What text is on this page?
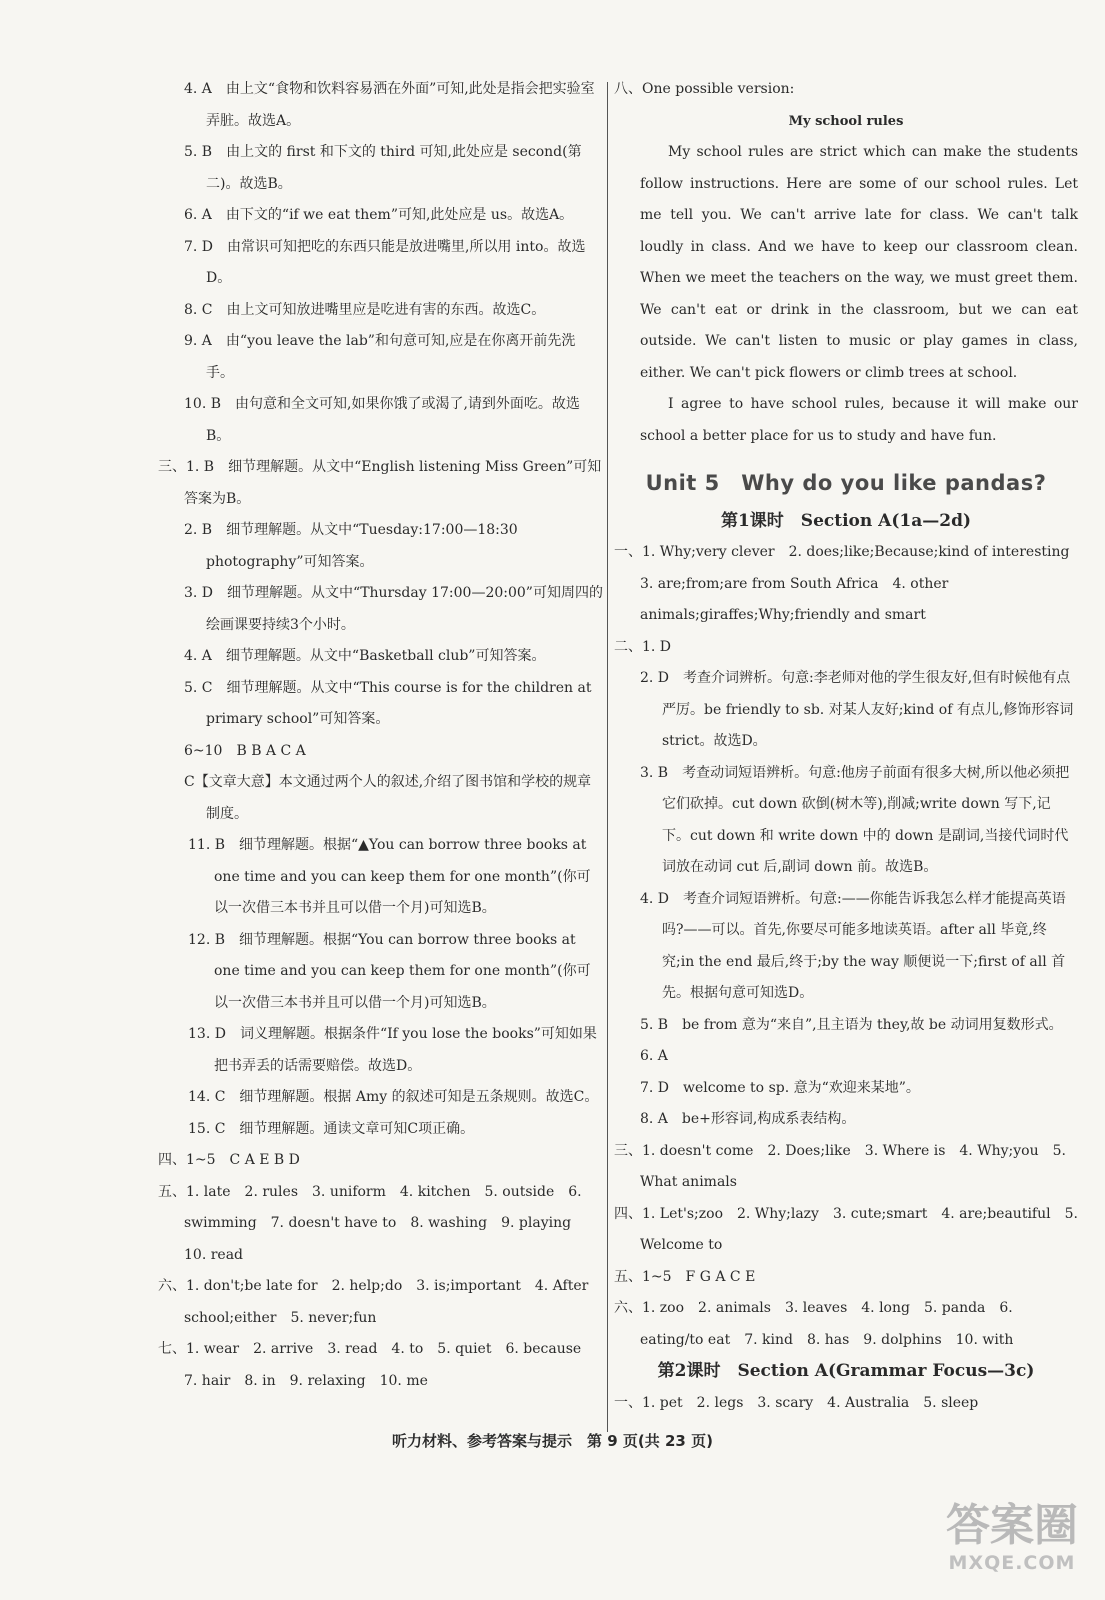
4. A　由上文“食物和饮料容易洒在外面”可知,此处是指会把实验室弄脏。故选A。

5. B　由上文的 first 和下文的 third 可知,此处应是 second(第二)。故选B。

6. A　由下文的“if we eat them”可知,此处应是 us。故选A。

7. D　由常识可知把吃的东西只能是放进嘴里,所以用 into。故选D。

8. C　由上文可知放进嘴里应是吃进有害的东西。故选C。

9. A　由“you leave the lab”和句意可知,应是在你离开前先洗手。

10. B　由句意和全文可知,如果你饿了或渴了,请到外面吃。故选B。

三、1. B　细节理解题。从文中“English listening Miss Green”可知答案为B。

2. B　细节理解题。从文中“Tuesday:17:00—18:30 photography”可知答案。

3. D　细节理解题。从文中“Thursday 17:00—20:00”可知周四的绘画课要持续3个小时。

4. A　细节理解题。从文中“Basketball club”可知答案。

5. C　细节理解题。从文中“This course is for the children at primary school”可知答案。

6~10　B B A C A

C【文章大意】本文通过两个人的叙述,介绍了图书馆和学校的规章制度。

11. B　细节理解题。根据“▲You can borrow three books at one time and you can keep them for one month”(你可以一次借三本书并且可以借一个月)可知选B。

12. B　细节理解题。根据“You can borrow three books at one time and you can keep them for one month”(你可以一次借三本书并且可以借一个月)可知选B。

13. D　词义理解题。根据条件“If you lose the books”可知如果把书弄丢的话需要赔偿。故选D。

14. C　细节理解题。根据 Amy 的叙述可知是五条规则。故选C。

15. C　细节理解题。通读文章可知C项正确。

四、1~5　C A E B D

五、1. late　2. rules　3. uniform　4. kitchen　5. outside　6. swimming　7. doesn't have to　8. washing　9. playing　10. read

六、1. don't;be late for　2. help;do　3. is;important　4. After school;either　5. never;fun

七、1. wear　2. arrive　3. read　4. to　5. quiet　6. because　7. hair　8. in　9. relaxing　10. me

八、One possible version:

My school rules

My school rules are strict which can make the students follow instructions. Here are some of our school rules. Let me tell you. We can't arrive late for class. We can't talk loudly in class. And we have to keep our classroom clean. When we meet the teachers on the way, we must greet them. We can't eat or drink in the classroom, but we can eat outside. We can't listen to music or play games in class, either. We can't pick flowers or climb trees at school.

I agree to have school rules, because it will make our school a better place for us to study and have fun.

Unit 5　Why do you like pandas?

第1课时　Section A(1a—2d)

一、1. Why;very clever　2. does;like;Because;kind of interesting　3. are;from;are from South Africa　4. other animals;giraffes;Why;friendly and smart

二、1. D

2. D　考查介词辨析。句意:李老师对他的学生很友好,但有时候他有点严厉。be friendly to sb. 对某人友好;kind of 有点儿,修饰形容词 strict。故选D。

3. B　考查动词短语辨析。句意:他房子前面有很多大树,所以他必须把它们砍掉。cut down 砍倒(树木等),削减;write down 写下,记下。cut down 和 write down 中的 down 是副词,当接代词时代词放在动词 cut 后,副词 down 前。故选B。

4. D　考查介词短语辨析。句意:——你能告诉我怎么样才能提高英语吗?——可以。首先,你要尽可能多地读英语。after all 毕竟,终究;in the end 最后,终于;by the way 顺便说一下;first of all 首先。根据句意可知选D。

5. B　be from 意为“来自”,且主语为 they,故 be 动词用复数形式。

6. A

7. D　welcome to sp. 意为“欢迎来某地”。

8. A　be+形容词,构成系表结构。

三、1. doesn't come　2. Does;like　3. Where is　4. Why;you　5. What animals

四、1. Let's;zoo　2. Why;lazy　3. cute;smart　4. are;beautiful　5. Welcome to

五、1~5　F G A C E

六、1. zoo　2. animals　3. leaves　4. long　5. panda　6. eating/to eat　7. kind　8. has　9. dolphins　10. with

第2课时　Section A(Grammar Focus—3c)

一、1. pet　2. legs　3. scary　4. Australia　5. sleep

听力材料、参考答案与提示　第 9 页(共 23 页)
答案圈
MXQE.COM
